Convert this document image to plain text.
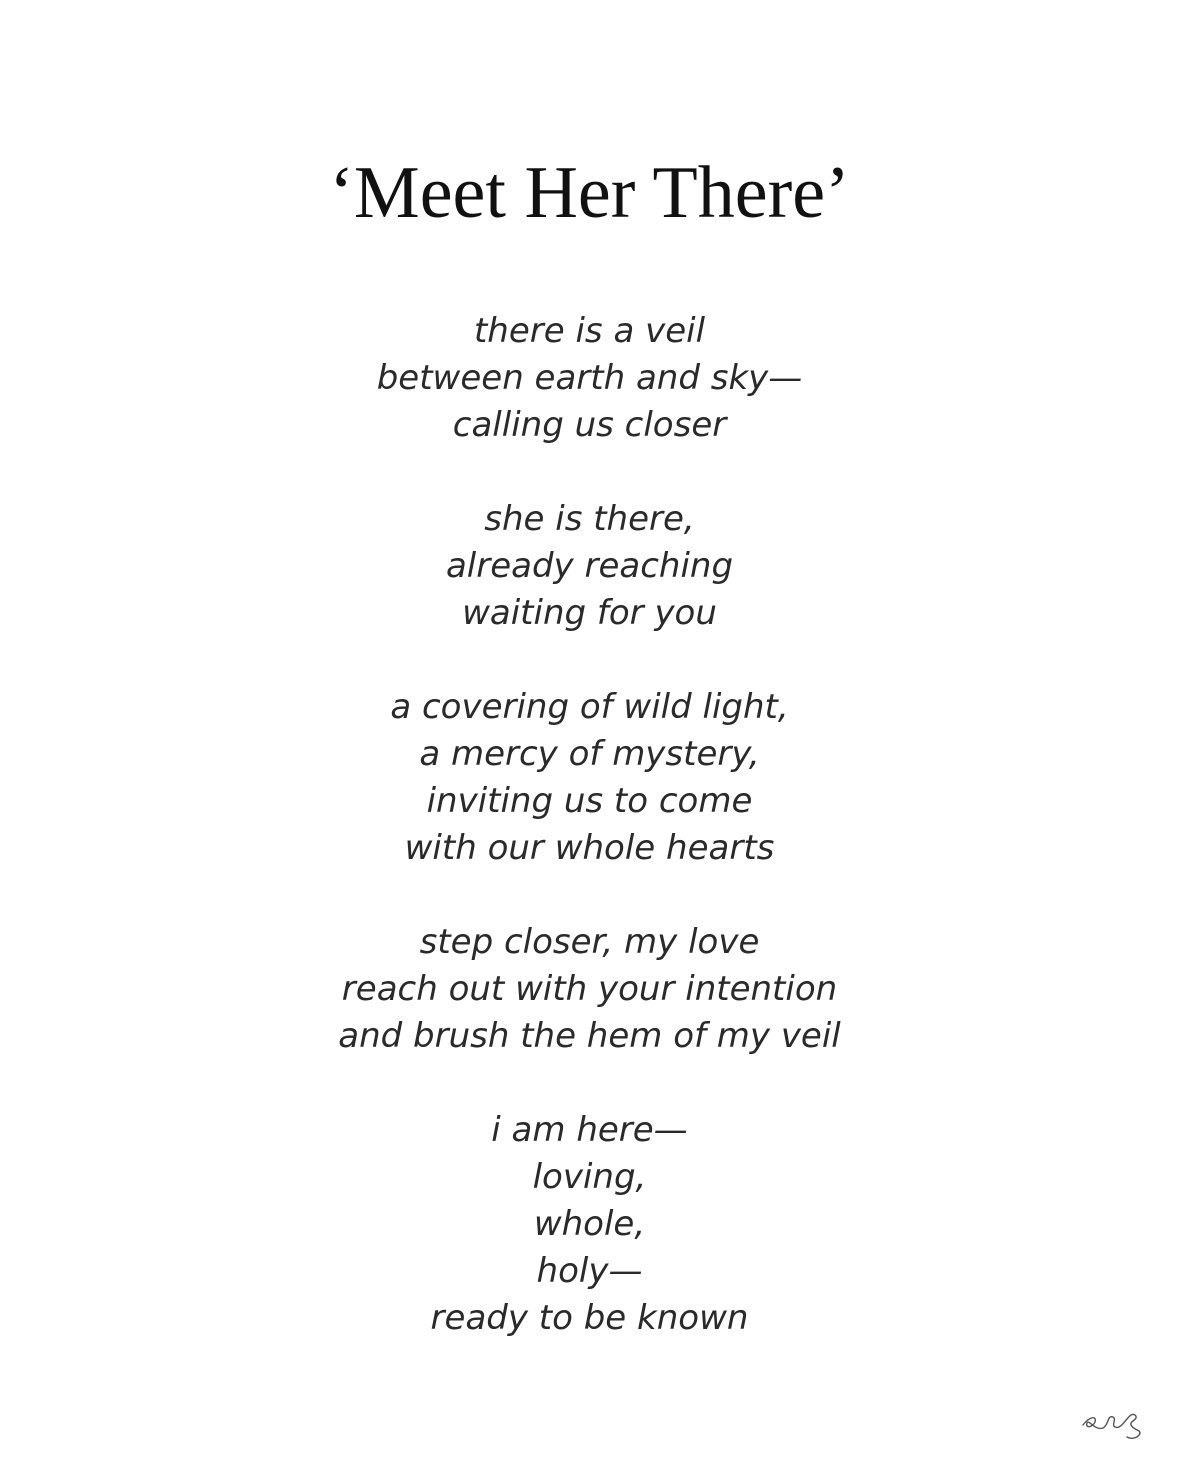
‘Meet Her There’
there is a veil
between earth and sky—
calling us closer
she is there,
already reaching
waiting for you
a covering of wild light,
a mercy of mystery,
inviting us to come
with our whole hearts
step closer, my love
reach out with your intention
and brush the hem of my veil
i am here—
loving,
whole,
holy—
ready to be known
